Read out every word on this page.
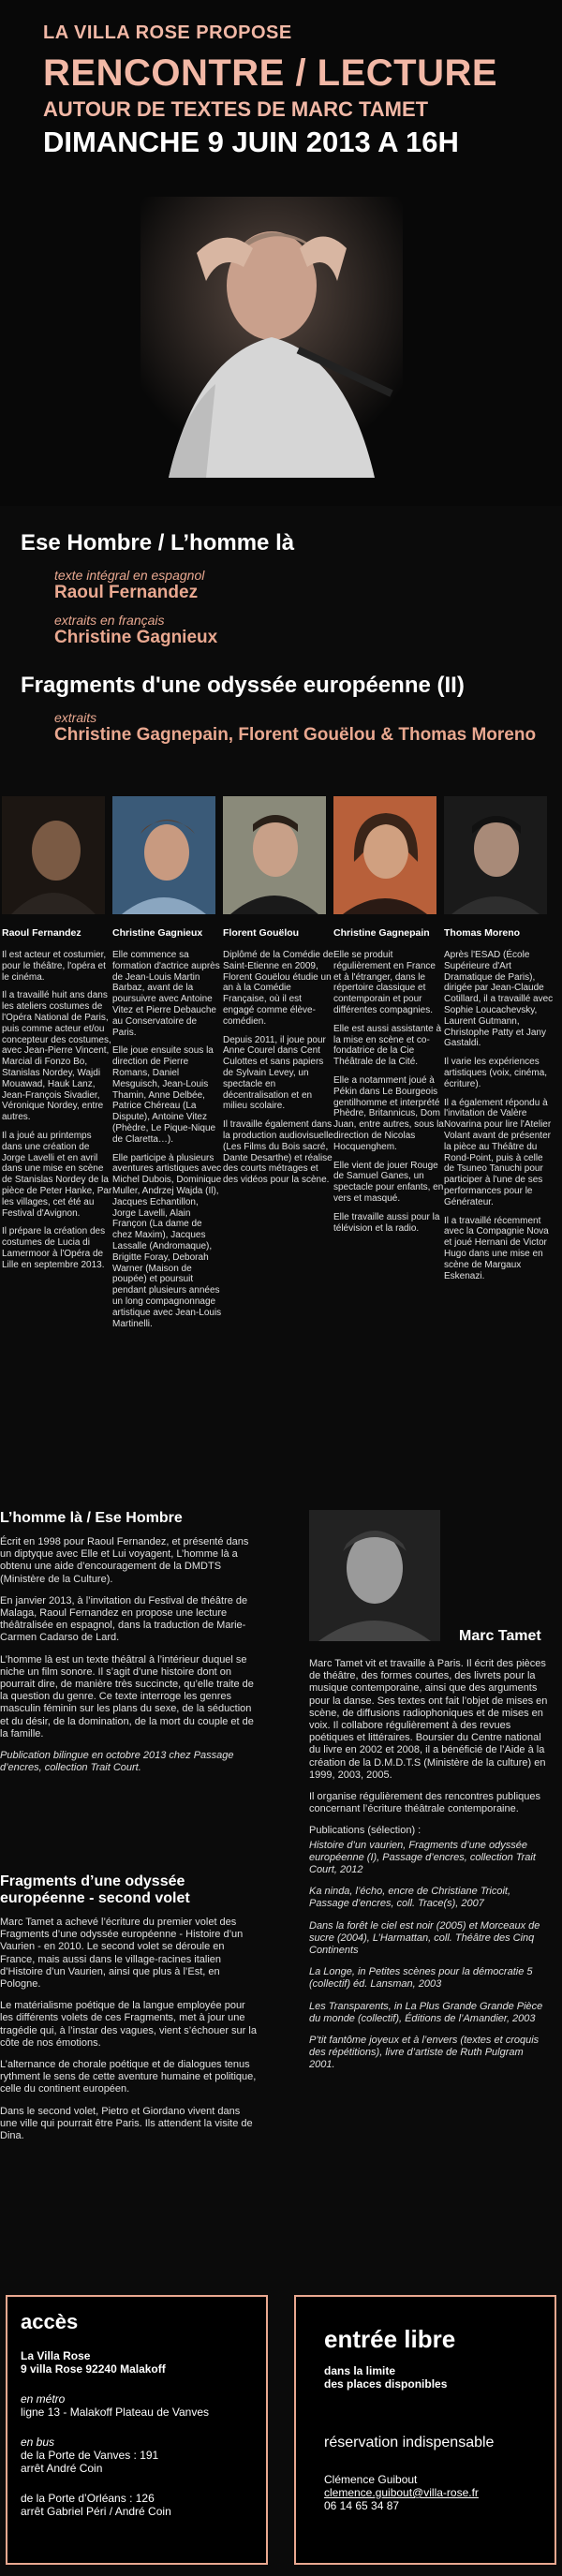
LA VILLA ROSE PROPOSE
RENCONTRE / LECTURE
AUTOUR DE TEXTES DE MARC TAMET
DIMANCHE 9 JUIN 2013 A 16H
Ese Hombre / L’homme là
texte intégral en espagnol
Raoul Fernandez
extraits en français
Christine Gagnieux
Fragments d'une odyssée européenne (II)
extraits
Christine Gagnepain, Florent Gouëlou & Thomas Moreno
Raoul Fernandez

Il est acteur et costumier, pour le théâtre, l'opéra et le cinéma.

Il a travaillé huit ans dans les ateliers costumes de l'Opéra National de Paris, puis comme acteur et/ou concepteur des costumes, avec Jean-Pierre Vincent, Marcial di Fonzo Bo, Stanislas Nordey, Wajdi Mouawad, Hauk Lanz, Jean-François Sivadier, Véronique Nordey, entre autres.

Il a joué au printemps dans une création de Jorge Lavelli et en avril dans une mise en scène de Stanislas Nordey de la pièce de Peter Hanke, Par les villages, cet été au Festival d'Avignon.

Il prépare la création des costumes de Lucia di Lamermoor à l'Opéra de Lille en septembre 2013.

Christine Gagnieux

Elle commence sa formation d'actrice auprès de Jean-Louis Martin Barbaz, avant de la poursuivre avec Antoine Vitez et Pierre Debauche au Conservatoire de Paris.

Elle joue ensuite sous la direction de Pierre Romans, Daniel Mesguisch, Jean-Louis Thamin, Anne Delbée, Patrice Chéreau (La Dispute), Antoine Vitez (Phèdre, Le Pique-Nique de Claretta…).

Elle participe à plusieurs aventures artistiques avec Michel Dubois, Dominique Muller, Andrzej Wajda (Il), Jacques Echantillon, Jorge Lavelli, Alain Françon (La dame de chez Maxim), Jacques Lassalle (Andromaque), Brigitte Foray, Deborah Warner (Maison de poupée) et poursuit pendant plusieurs années un long compagnonnage artistique avec Jean-Louis Martinelli.

Florent Gouëlou

Diplômé de la Comédie de Saint-Etienne en 2009, Florent Gouëlou étudie un an à la Comédie Française, où il est engagé comme élève-comédien.

Depuis 2011, il joue pour Anne Courel dans Cent Culottes et sans papiers de Sylvain Levey, un spectacle en décentralisation et en milieu scolaire.

Il travaille également dans la production audiovisuelle (Les Films du Bois sacré, Dante Desarthe) et réalise des courts métrages et des vidéos pour la scène.

Christine Gagnepain

Elle se produit régulièrement en France et à l'étranger, dans le répertoire classique et contemporain et pour différentes compagnies.

Elle est aussi assistante à la mise en scène et co-fondatrice de la Cie Théâtrale de la Cité.

Elle a notamment joué à Pékin dans Le Bourgeois gentilhomme et interprété Phèdre, Britannicus, Dom Juan, entre autres, sous la direction de Nicolas Hocquenghem.

Elle vient de jouer Rouge de Samuel Ganes, un spectacle pour enfants, en vers et masqué.

Elle travaille aussi pour la télévision et la radio.

Thomas Moreno

Après l'ESAD (École Supérieure d'Art Dramatique de Paris), dirigée par Jean-Claude Cotillard, il a travaillé avec Sophie Loucachevsky, Laurent Gutmann, Christophe Patty et Jany Gastaldi.

Il varie les expériences artistiques (voix, cinéma, écriture).

Il a également répondu à l'invitation de Valère Novarina pour lire l'Atelier Volant avant de présenter la pièce au Théâtre du Rond-Point, puis à celle de Tsuneo Tanuchi pour participer à l'une de ses performances pour le Générateur.

Il a travaillé récemment avec la Compagnie Nova et joué Hernani de Victor Hugo dans une mise en scène de Margaux Eskenazi.

L’homme là / Ese Hombre
Écrit en 1998 pour Raoul Fernandez, et présenté dans un diptyque avec Elle et Lui voyagent, L’homme là a obtenu une aide d’encouragement de la DMDTS (Ministère de la Culture).
En janvier 2013, à l’invitation du Festival de théâtre de Malaga, Raoul Fernandez en propose une lecture théâtralisée en espagnol, dans la traduction de Marie-Carmen Cadarso de Lard.
L’homme là est un texte théâtral à l’intérieur duquel se niche un film sonore. Il s’agit d’une histoire dont on pourrait dire, de manière très succincte, qu’elle traite de la question du genre. Ce texte interroge les genres masculin féminin sur les plans du sexe, de la séduction et du désir, de la domination, de la mort du couple et de la famille.
Publication bilingue en octobre 2013 chez Passage d’encres, collection Trait Court.
Fragments d’une odyssée européenne - second volet
Marc Tamet a achevé l’écriture du premier volet des Fragments d’une odyssée européenne - Histoire d’un Vaurien - en 2010. Le second volet se déroule en France, mais aussi dans le village-racines italien d’Histoire d’un Vaurien, ainsi que plus à l’Est, en Pologne.
Le matérialisme poétique de la langue employée pour les différents volets de ces Fragments, met à jour une tragédie qui, à l’instar des vagues, vient s’échouer sur la côte de nos émotions.
L’alternance de chorale poétique et de dialogues tenus rythment le sens de cette aventure humaine et politique, celle du continent européen.
Dans le second volet, Pietro et Giordano vivent dans une ville qui pourrait être Paris. Ils attendent la visite de Dina.
Marc Tamet
Marc Tamet vit et travaille à Paris. Il écrit des pièces de théâtre, des formes courtes, des livrets pour la musique contemporaine, ainsi que des arguments pour la danse. Ses textes ont fait l’objet de mises en scène, de diffusions radiophoniques et de mises en voix. Il collabore régulièrement à des revues poétiques et littéraires. Boursier du Centre national du livre en 2002 et 2008, il a bénéficié de l’Aide à la création de la D.M.D.T.S (Ministère de la culture) en 1999, 2003, 2005.
Il organise régulièrement des rencontres publiques concernant l’écriture théâtrale contemporaine.
Publications (sélection) :
Histoire d’un vaurien, Fragments d’une odyssée européenne (I), Passage d’encres, collection Trait Court, 2012
Ka ninda, l’écho, encre de Christiane Tricoit, Passage d’encres, coll. Trace(s), 2007
Dans la forêt le ciel est noir (2005) et Morceaux de sucre (2004), L’Harmattan, coll. Théâtre des Cinq Continents
La Longe, in Petites scènes pour la démocratie 5 (collectif) éd. Lansman, 2003
Les Transparents, in La Plus Grande Grande Pièce du monde (collectif), Éditions de l’Amandier, 2003
P’tit fantôme joyeux et à l’envers (textes et croquis des répétitions), livre d’artiste de Ruth Pulgram 2001.
accès
La Villa Rose
9 villa Rose 92240 Malakoff
en métro
ligne 13 - Malakoff Plateau de Vanves
en bus
de la Porte de Vanves : 191
arrêt André Coin
de la Porte d’Orléans : 126
arrêt Gabriel Péri / André Coin
entrée libre
dans la limite
des places disponibles
réservation indispensable
Clémence Guibout
clemence.guibout@villa-rose.fr
06 14 65 34 87
